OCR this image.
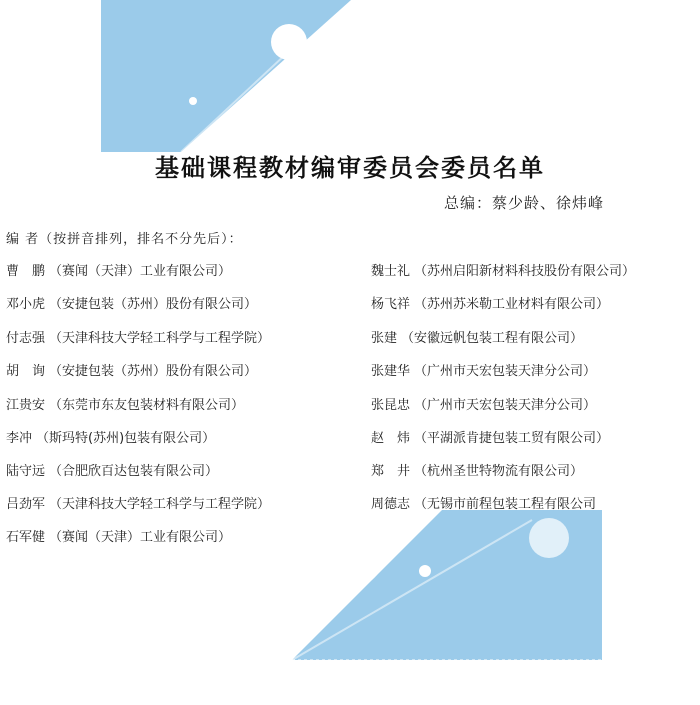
基础课程教材编审委员会委员名单
总编：蔡少龄、徐炜峰
编 者（按拼音排列，排名不分先后）：
曹　鹏 （赛闻（天津）工业有限公司）
邓小虎 （安捷包装（苏州）股份有限公司）
付志强 （天津科技大学轻工科学与工程学院）
胡　询 （安捷包装（苏州）股份有限公司）
江贵安 （东莞市东友包装材料有限公司）
李冲 （斯玛特(苏州)包装有限公司）
陆守远 （合肥欣百达包装有限公司）
吕劲军 （天津科技大学轻工科学与工程学院）
石军健 （赛闻（天津）工业有限公司）
魏士礼 （苏州启阳新材料科技股份有限公司）
杨飞祥 （苏州苏米勒工业材料有限公司）
张建 （安徽远帆包装工程有限公司）
张建华 （广州市天宏包装天津分公司）
张昆忠 （广州市天宏包装天津分公司）
赵　炜 （平湖派肯捷包装工贸有限公司）
郑　井 （杭州圣世特物流有限公司）
周德志 （无锡市前程包装工程有限公司
